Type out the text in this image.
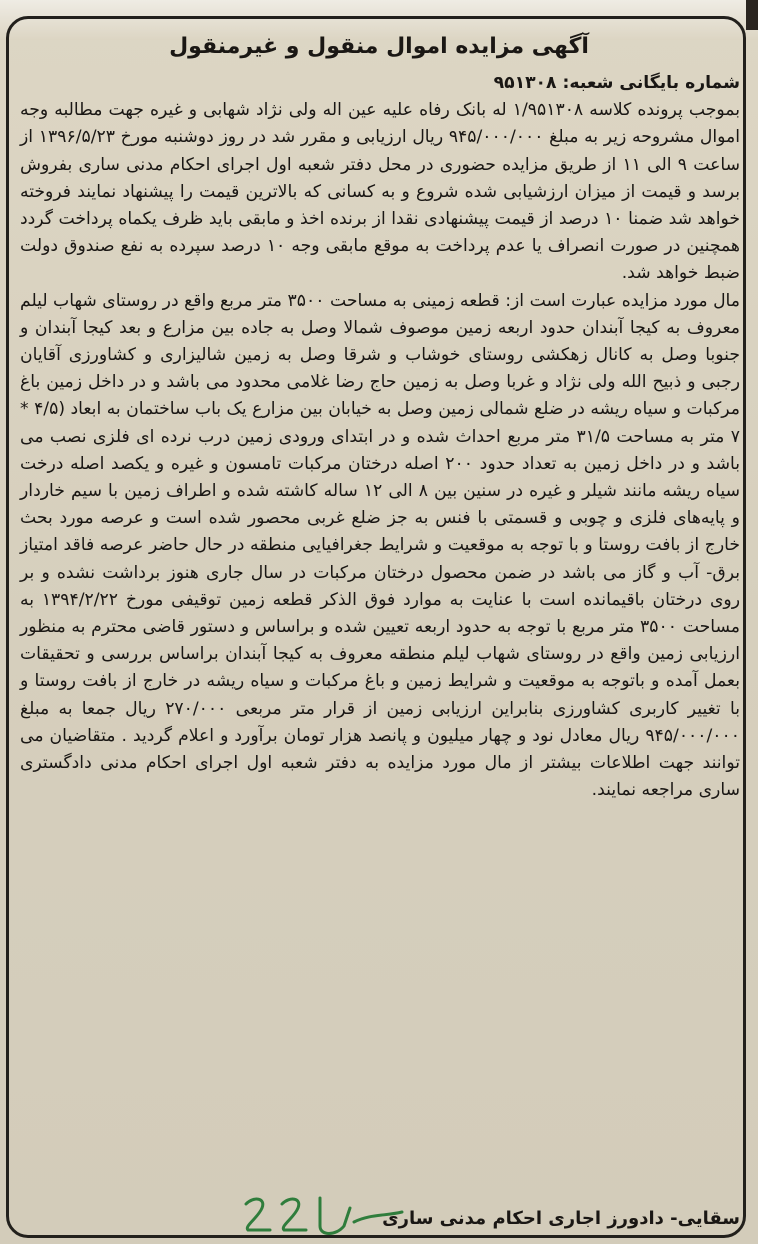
آگهی مزایده اموال منقول و غیرمنقول

شماره بایگانی شعبه: ۹۵۱۳۰۸

بموجب پرونده کلاسه ۱/۹۵۱۳۰۸ له بانک رفاه علیه عین اله ولی نژاد شهابی و غیره جهت مطالبه وجه اموال مشروحه زیر به مبلغ ۹۴۵/۰۰۰/۰۰۰ ریال ارزیابی و مقرر شد در روز دوشنبه مورخ ۱۳۹۶/۵/۲۳ از ساعت ۹ الی ۱۱ از طریق مزایده حضوری در محل دفتر شعبه اول اجرای احکام مدنی ساری بفروش برسد و قیمت از میزان ارزشیابی شده شروع و به کسانی که بالاترین قیمت را پیشنهاد نمایند فروخته خواهد شد ضمنا ۱۰ درصد از قیمت پیشنهادی نقدا از برنده اخذ و مابقی باید ظرف یکماه پرداخت گردد همچنین در صورت انصراف یا عدم پرداخت به موقع مابقی وجه ۱۰ درصد سپرده به نفع صندوق دولت ضبط خواهد شد.

مال مورد مزایده عبارت است از: قطعه زمینی به مساحت ۳۵۰۰ متر مربع واقع در روستای شهاب لیلم معروف به کیجا آبندان حدود اربعه زمین موصوف شمالا وصل به جاده بین مزارع و بعد کیجا آبندان و جنوبا وصل به کانال زهکشی روستای خوشاب و شرقا وصل به زمین شالیزاری و کشاورزی آقایان رجبی و ذبیح الله ولی نژاد و غربا وصل به زمین حاج رضا غلامی محدود می باشد و در داخل زمین باغ مرکبات و سیاه ریشه در ضلع شمالی زمین وصل به خیابان بین مزارع یک باب ساختمان به ابعاد (۴/۵ * ۷ متر به مساحت ۳۱/۵ متر مربع احداث شده و در ابتدای ورودی زمین درب نرده ای فلزی نصب می باشد و در داخل زمین به تعداد حدود ۲۰۰ اصله درختان مرکبات تامسون و غیره و یکصد اصله درخت سیاه ریشه مانند شیلر و غیره در سنین بین ۸ الی ۱۲ ساله کاشته شده و اطراف زمین با سیم خاردار و پایه‌های فلزی و چوبی و قسمتی با فنس به جز ضلع غربی محصور شده است و عرصه مورد بحث خارج از بافت روستا و با توجه به موقعیت و شرایط جغرافیایی منطقه در حال حاضر عرصه فاقد امتیاز برق- آب و گاز می باشد در ضمن محصول درختان مرکبات در سال جاری هنوز برداشت نشده و بر روی درختان باقیمانده است با عنایت به موارد فوق الذکر قطعه زمین توقیفی مورخ ۱۳۹۴/۲/۲۲ به مساحت ۳۵۰۰ متر مربع با توجه به حدود اربعه تعیین شده و براساس و دستور قاضی محترم به منظور ارزیابی زمین واقع در روستای شهاب لیلم منطقه معروف به کیجا آبندان براساس بررسی و تحقیقات بعمل آمده و باتوجه به موقعیت و شرایط زمین و باغ مرکبات و سیاه ریشه در خارج از بافت روستا و با تغییر کاربری کشاورزی بنابراین ارزیابی زمین از قرار متر مربعی ۲۷۰/۰۰۰ ریال جمعا به مبلغ ۹۴۵/۰۰۰/۰۰۰ ریال معادل نود و چهار میلیون و پانصد هزار تومان برآورد و اعلام گردید . متقاضیان می توانند جهت اطلاعات بیشتر از مال مورد مزایده به دفتر شعبه اول اجرای احکام مدنی دادگستری ساری مراجعه نمایند.

سقایی- دادورز اجاری احکام مدنی ساری
